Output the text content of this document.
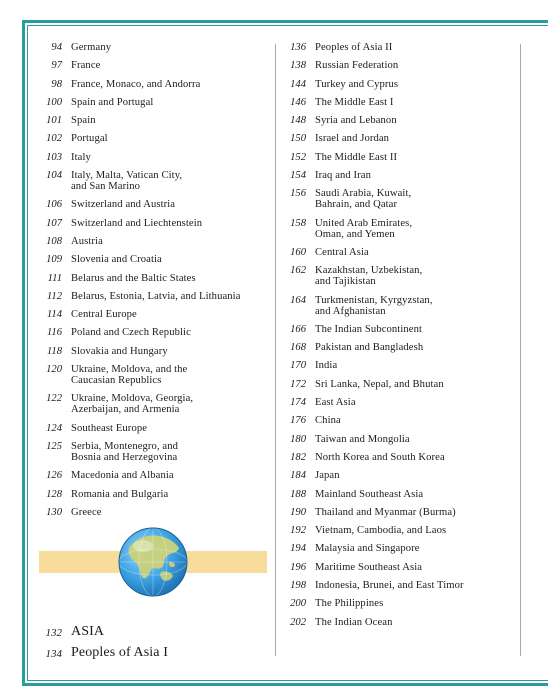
94 Germany
97 France
98 France, Monaco, and Andorra
100 Spain and Portugal
101 Spain
102 Portugal
103 Italy
104 Italy, Malta, Vatican City,
and San Marino
106 Switzerland and Austria
107 Switzerland and Liechtenstein
108 Austria
109 Slovenia and Croatia
111 Belarus and the Baltic States
112 Belarus, Estonia, Latvia, and Lithuania
114 Central Europe
116 Poland and Czech Republic
118 Slovakia and Hungary
120 Ukraine, Moldova, and the
Caucasian Republics
122 Ukraine, Moldova, Georgia,
Azerbaijan, and Armenia
124 Southeast Europe
125 Serbia, Montenegro, and
Bosnia and Herzegovina
126 Macedonia and Albania
128 Romania and Bulgaria
130 Greece
136 Peoples of Asia II
138 Russian Federation
144 Turkey and Cyprus
146 The Middle East I
148 Syria and Lebanon
150 Israel and Jordan
152 The Middle East II
154 Iraq and Iran
156 Saudi Arabia, Kuwait,
Bahrain, and Qatar
158 United Arab Emirates,
Oman, and Yemen
160 Central Asia
162 Kazakhstan, Uzbekistan,
and Tajikistan
164 Turkmenistan, Kyrgyzstan,
and Afghanistan
166 The Indian Subcontinent
168 Pakistan and Bangladesh
170 India
172 Sri Lanka, Nepal, and Bhutan
174 East Asia
176 China
180 Taiwan and Mongolia
182 North Korea and South Korea
184 Japan
188 Mainland Southeast Asia
190 Thailand and Myanmar (Burma)
192 Vietnam, Cambodia, and Laos
194 Malaysia and Singapore
196 Maritime Southeast Asia
198 Indonesia, Brunei, and East Timor
200 The Philippines
202 The Indian Ocean
132 ASIA
134 Peoples of Asia I
